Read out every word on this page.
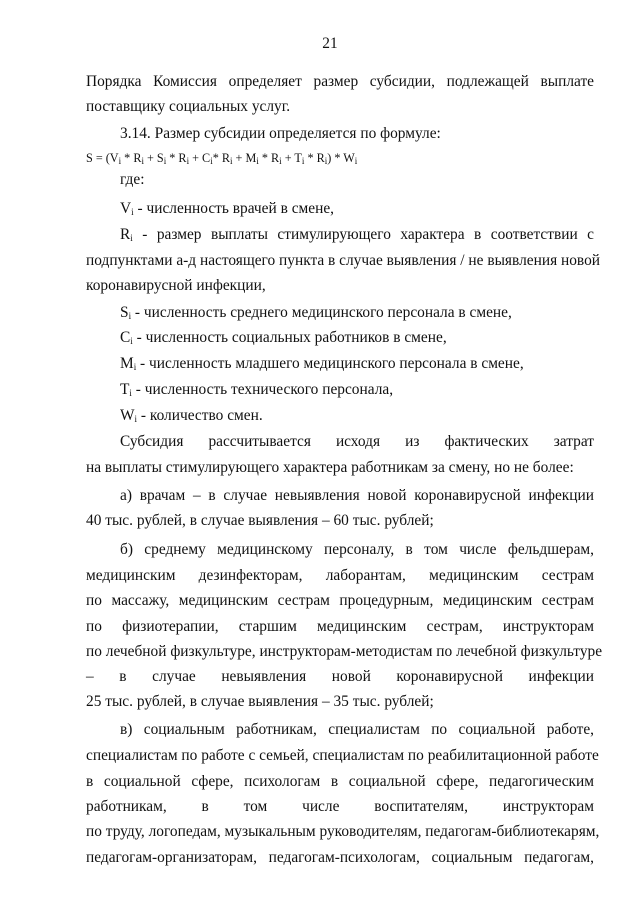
21
Порядка Комиссия определяет размер субсидии, подлежащей выплате
поставщику социальных услуг.
3.14. Размер субсидии определяется по формуле:
$S = (V_i * R_i + S_i * R_i + C_i*$ $R_i + M_i * R_i + T_i * R_i) * W_i$
где:
$V_i$ - численность врачей в смене,
$R_i$ - размер выплаты стимулирующего характера в соответствии с
подпунктами а-д настоящего пункта в случае выявления / не выявления новой
коронавирусной инфекции,
$S_i$ - численность среднего медицинского персонала в смене,
$C_i$ - численность социальных работников в смене,
$M_i$ - численность младшего медицинского персонала в смене,
$T_i$ - численность технического персонала,
$W_i$ - количество смен.
Субсидия рассчитывается исходя из фактических затрат
на выплаты стимулирующего характера работникам за смену, но не более:
а) врачам – в случае невыявления новой коронавирусной инфекции
40 тыс. рублей, в случае выявления – 60 тыс. рублей;
б) среднему медицинскому персоналу, в том числе фельдшерам,
медицинским дезинфекторам, лаборантам, медицинским сестрам
по массажу, медицинским сестрам процедурным, медицинским сестрам
по физиотерапии, старшим медицинским сестрам, инструкторам
по лечебной физкультуре, инструкторам-методистам по лечебной физкультуре
– в случае невыявления новой коронавирусной инфекции
25 тыс. рублей, в случае выявления – 35 тыс. рублей;
в) социальным работникам, специалистам по социальной работе,
специалистам по работе с семьей, специалистам по реабилитационной работе
в социальной сфере, психологам в социальной сфере, педагогическим
работникам, в том числе воспитателям, инструкторам
по труду, логопедам, музыкальным руководителям, педагогам-библиотекарям,
педагогам-организаторам, педагогам-психологам, социальным педагогам,
